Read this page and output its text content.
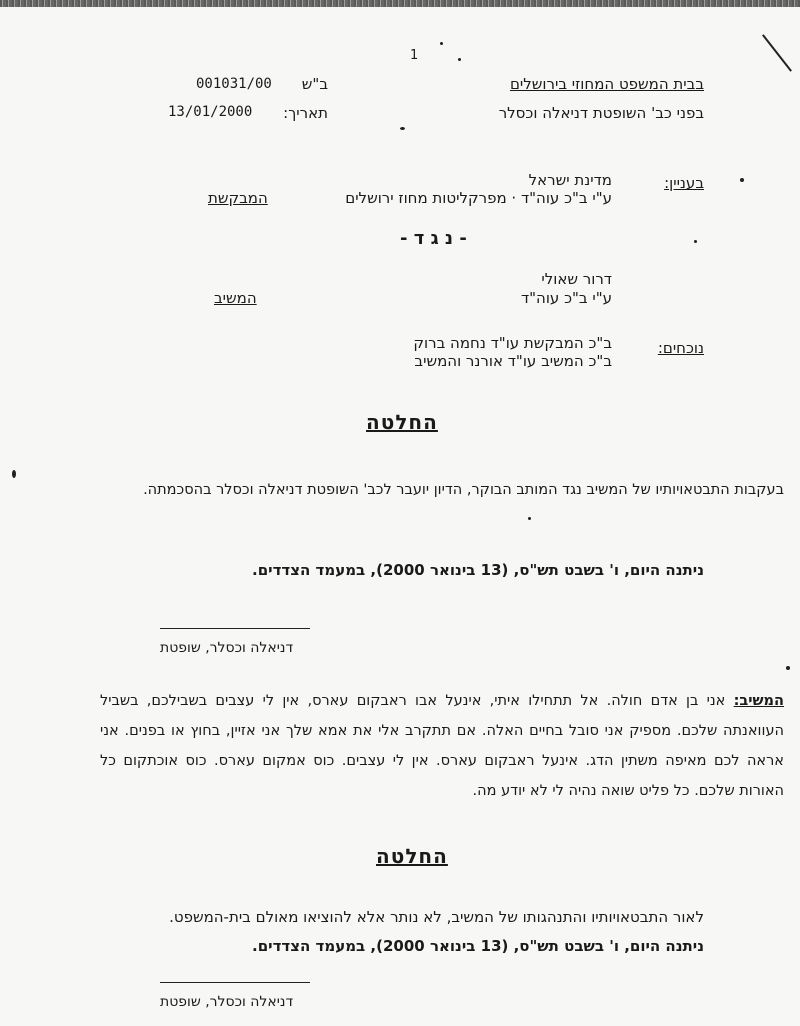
1
בבית המשפט המחוזי בירושלים
ב"ש
001031/00
בפני כב' השופטת דניאלה וכסלר
תאריך:
13/01/2000
בעניין:
מדינת ישראל
ע"י ב"כ עוה"ד · מפרקליטות מחוז ירושלים
המבקשת
- נ ג ד -
דרור שאולי
ע"י ב"כ עוה"ד
המשיב
נוכחים:
ב"כ המבקשת עו"ד נחמה ברוק
ב"כ המשיב עו"ד אורנר והמשיב
החלטה
בעקבות התבטאויותיו של המשיב נגד המותב הבוקר, הדיון יועבר לכב' השופטת דניאלה וכסלר בהסכמתה.
ניתנה היום, ו' בשבט תש"ס, (13 בינואר 2000), במעמד הצדדים.
דניאלה וכסלר, שופטת
המשיב: אני בן אדם חולה. אל תתחילו איתי, אינעל אבו ראבקום עארס, אין לי עצבים בשבילכם, בשביל העוואנתה שלכם. מספיק אני סובל בחיים האלה. אם תתקרב אלי את אמא שלך אני אזיין, בחוץ או בפנים. אני אראה לכם מאיפה משתין הדג. אינעל ראבקום עארס. אין לי עצבים. כוס אמקום עארס. כוס אוכתקום כל האורות שלכם. כל פליט שואה נהיה לי לא יודע מה.
החלטה
לאור התבטאויותיו והתנהגותו של המשיב, לא נותר אלא להוציאו מאולם בית-המשפט.
ניתנה היום, ו' בשבט תש"ס, (13 בינואר 2000), במעמד הצדדים.
דניאלה וכסלר, שופטת
